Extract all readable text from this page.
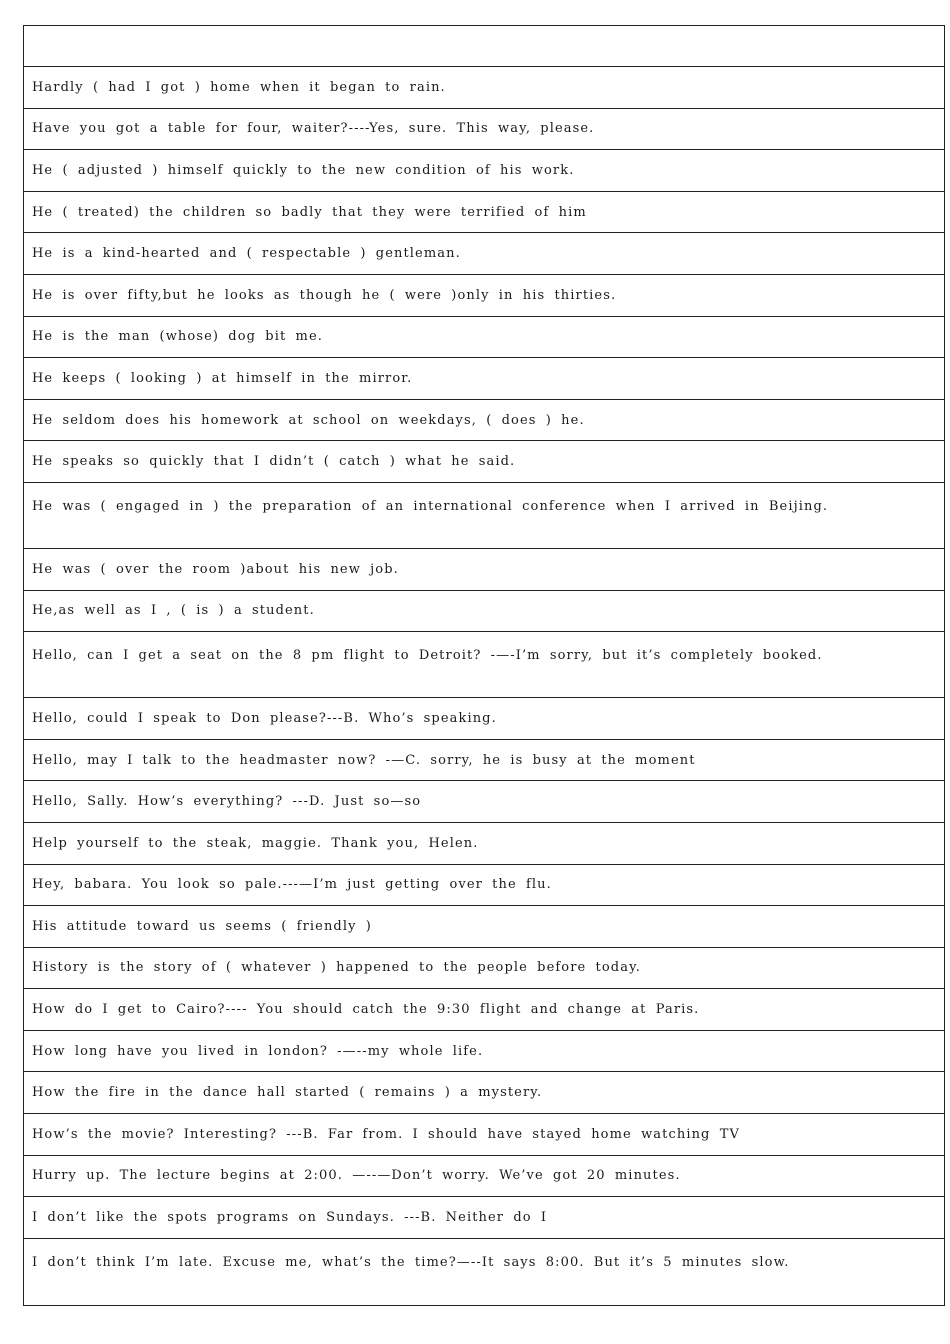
Hardly ( had I got ) home when it began to rain.
Have you got a table for four, waiter?----Yes, sure. This way, please.
He ( adjusted ) himself quickly to the new condition of his work.
He ( treated) the children so badly that they were terrified of him
He is a kind-hearted and ( respectable ) gentleman.
He is over fifty,but he looks as though he ( were )only in his thirties.
He is the man (whose) dog bit me.
He keeps ( looking ) at himself in the mirror.
He seldom does his homework at school on weekdays, ( does ) he.
He speaks so quickly that I didn’t ( catch ) what he said.
He was ( engaged in ) the preparation of an international conference when I arrived in Beijing.
He was ( over the room )about his new job.
He,as well as I , ( is ) a student.
Hello, can I get a seat on the 8 pm flight to Detroit? -—-I’m sorry, but it’s completely booked.
Hello, could I speak to Don please?---B. Who’s speaking.
Hello, may I talk to the headmaster now? -—C. sorry, he is busy at the moment
Hello, Sally. How’s everything? ---D. Just so—so
Help yourself to the steak, maggie. Thank you, Helen.
Hey, babara. You look so pale.---—I’m just getting over the flu.
His attitude toward us seems ( friendly )
History is the story of ( whatever ) happened to the people before today.
How do I get to Cairo?---- You should catch the 9:30 flight and change at Paris.
How long have you lived in london? -—--my whole life.
How the fire in the dance hall started ( remains ) a mystery.
How’s the movie? Interesting? ---B. Far from. I should have stayed home watching TV
Hurry up. The lecture begins at 2:00. —--—Don’t worry. We’ve got 20 minutes.
I don’t like the spots programs on Sundays. ---B. Neither do I
I don’t think I’m late. Excuse me, what’s the time?—--It says 8:00. But it’s 5 minutes slow.
